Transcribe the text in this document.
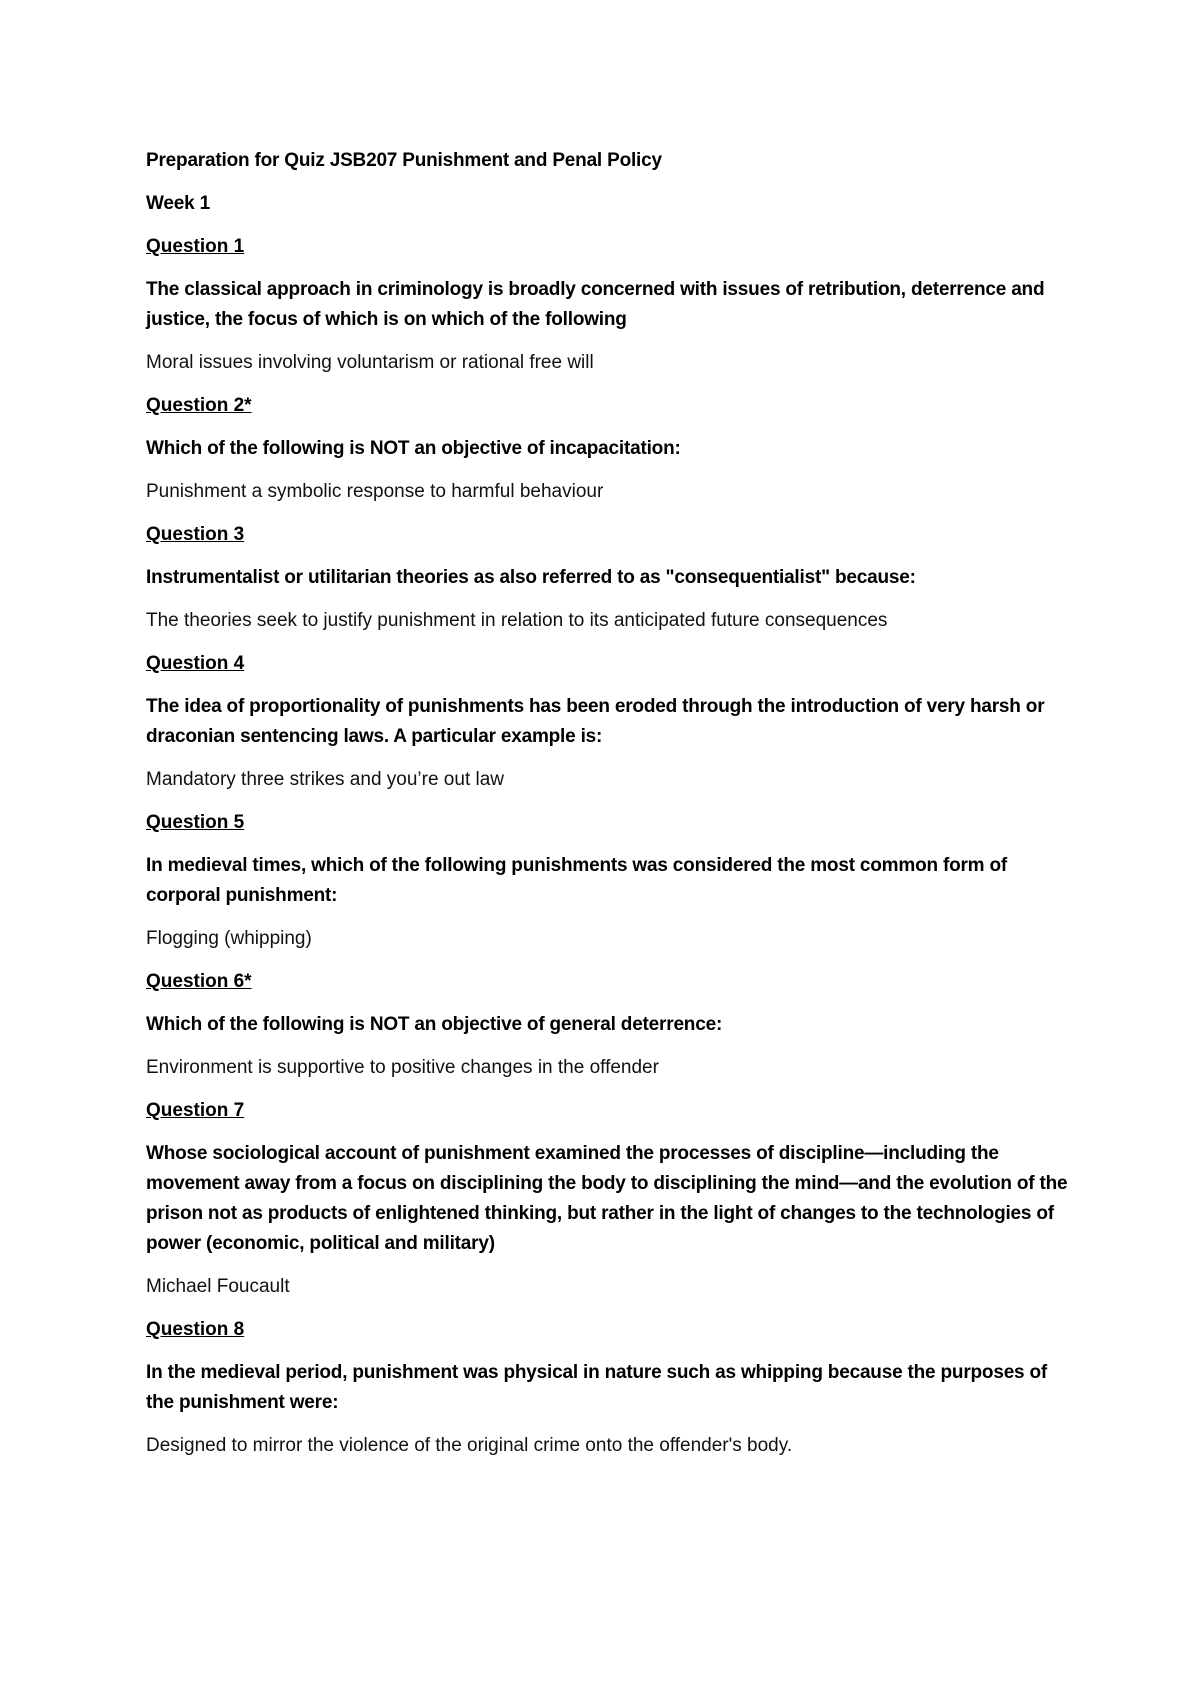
Preparation for Quiz JSB207 Punishment and Penal Policy

Week 1

Question 1

The classical approach in criminology is broadly concerned with issues of retribution, deterrence and justice, the focus of which is on which of the following

Moral issues involving voluntarism or rational free will

Question 2*

Which of the following is NOT an objective of incapacitation:

Punishment a symbolic response to harmful behaviour

Question 3

Instrumentalist or utilitarian theories as also referred to as "consequentialist" because:

The theories seek to justify punishment in relation to its anticipated future consequences

Question 4

The idea of proportionality of punishments has been eroded through the introduction of very harsh or draconian sentencing laws. A particular example is:

Mandatory three strikes and you’re out law

Question 5

In medieval times, which of the following punishments was considered the most common form of corporal punishment:

Flogging (whipping)

Question 6*

Which of the following is NOT an objective of general deterrence:

Environment is supportive to positive changes in the offender

Question 7

Whose sociological account of punishment examined the processes of discipline—including the movement away from a focus on disciplining the body to disciplining the mind—and the evolution of the prison not as products of enlightened thinking, but rather in the light of changes to the technologies of power (economic, political and military)

Michael Foucault

Question 8

In the medieval period, punishment was physical in nature such as whipping because the purposes of the punishment were:

Designed to mirror the violence of the original crime onto the offender's body.
